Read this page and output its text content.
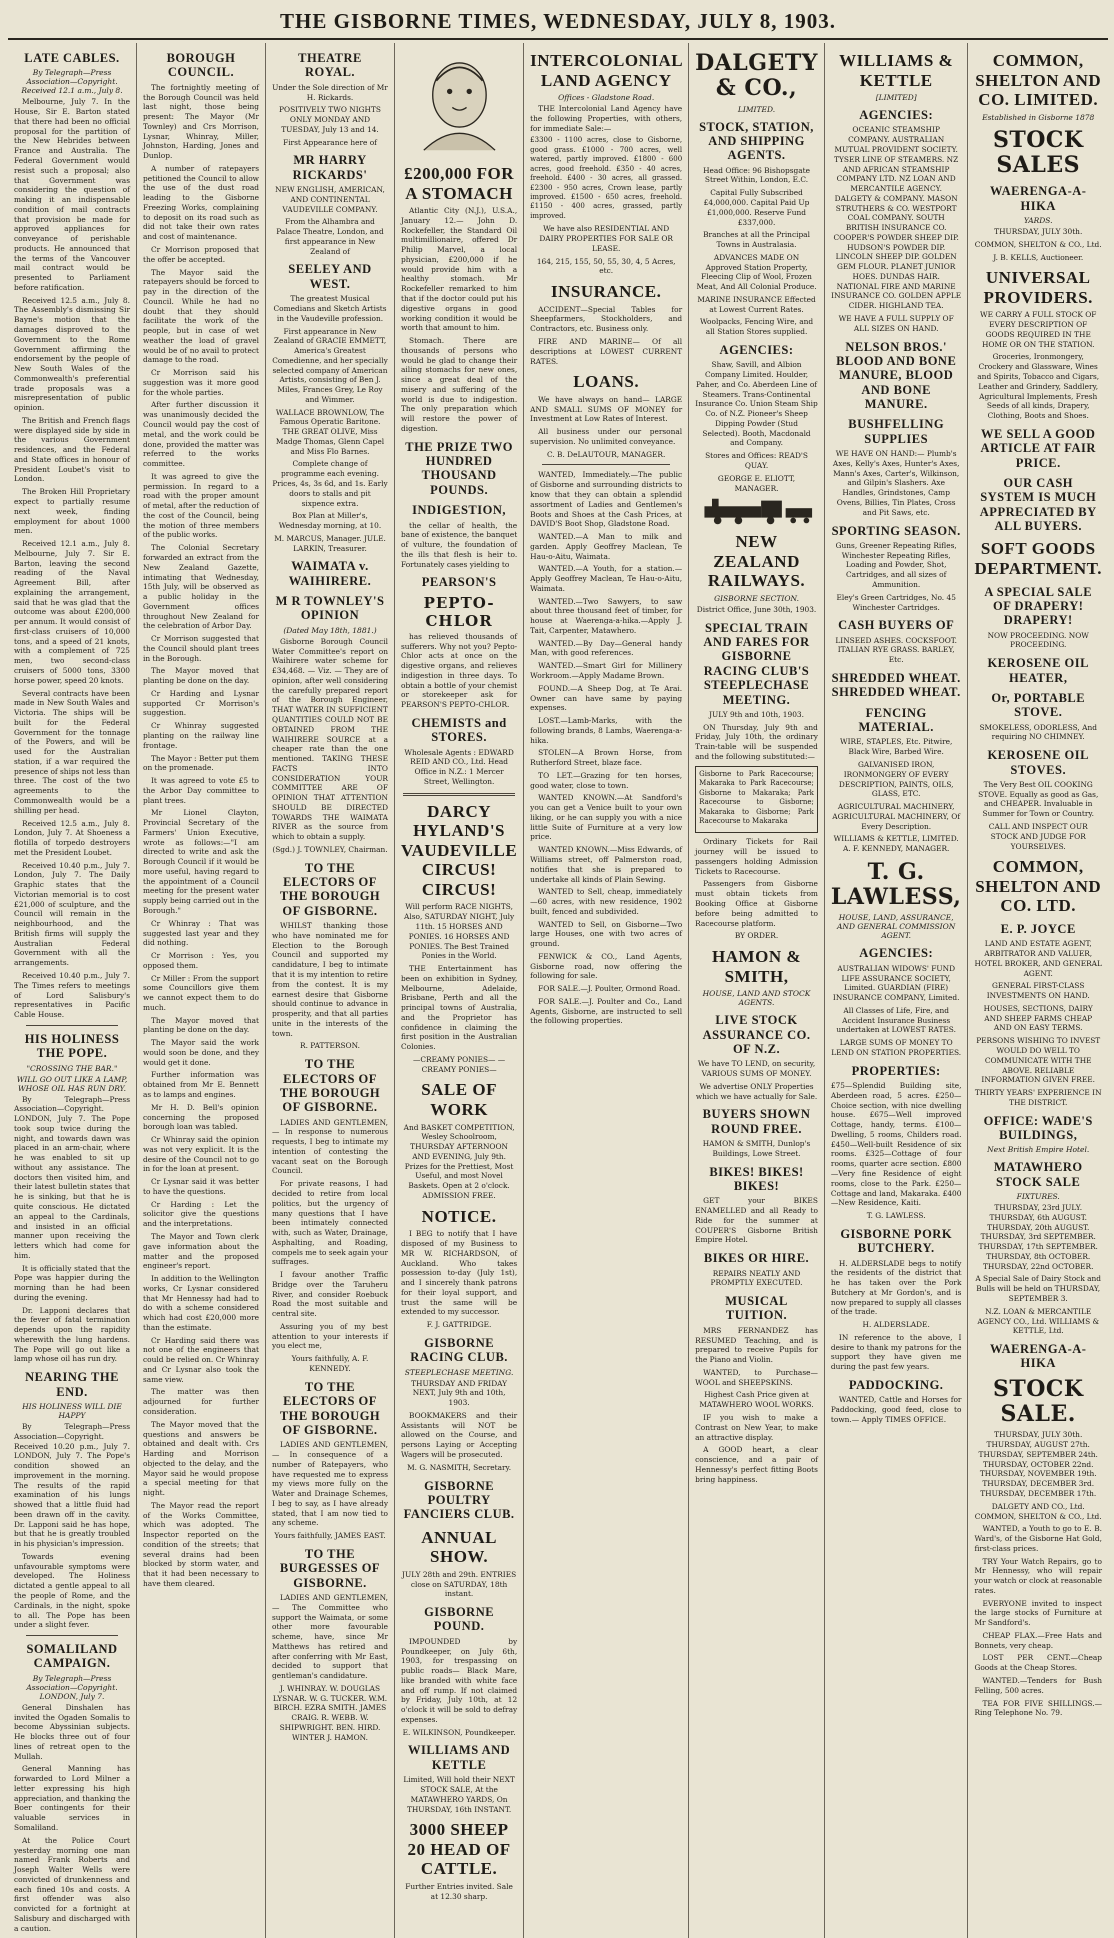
THE GISBORNE TIMES, WEDNESDAY, JULY 8, 1903.
LATE CABLES.
By Telegraph—Press Association—Copyright. Received 12.1 a.m., July 8.

Melbourne, July 7. In the House, Sir E. Barton stated that there had been no official proposal for the partition of the New Hebrides between France and Australia. The Federal Government would resist such a proposal; also that Government was considering the question of making it an indispensable condition of mail contracts that provision be made for approved appliances for conveyance of perishable products. He announced that the terms of the Vancouver mail contract would be presented to Parliament before ratification.

Received 12.5 a.m., July 8. The Assembly's dismissing Sir Bayne's motion that the damages disproved to the Government to the Rome Government affirming the endorsement by the people of New South Wales of the Commonwealth's preferential trade proposals was a misrepresentation of public opinion.

The British and French flags were displayed side by side in the various Government residences, and the Federal and State offices in honour of President Loubet's visit to London.

The Broken Hill Proprietary expect to partially resume next week, finding employment for about 1000 men.

Received 12.1 a.m., July 8. Melbourne, July 7. Sir E. Barton, leaving the second reading of the Naval Agreement Bill, after explaining the arrangement, said that he was glad that the outcome was about £200,000 per annum. It would consist of first-class cruisers of 10,000 tons, and a speed of 21 knots, with a complement of 725 men, two second-class cruisers of 5000 tons, 3300 horse power, speed 20 knots.

Several contracts have been made in New South Wales and Victoria. The ships will be built for the Federal Government for the tonnage of the Powers, and will be used for the Australian station, if a war required the presence of ships not less than three. The cost of the two agreements to the Commonwealth would be a shilling per head.

Received 12.5 a.m., July 8. London, July 7. At Shoeness a flotilla of torpedo destroyers met the President Loubet.

Received 10.40 p.m., July 7. London, July 7. The Daily Graphic states that the Victorian memorial is to cost £21,000 of sculpture, and the Council will remain in the neighbourhood, and the British firms will supply the Australian Federal Government with all the arrangements.

Received 10.40 p.m., July 7. The Times refers to meetings of Lord Salisbury's representatives in Pacific Cable House.

HIS HOLINESS THE POPE.
"CROSSING THE BAR."
WILL GO OUT LIKE A LAMP, WHOSE OIL HAS RUN DRY.

By Telegraph—Press Association—Copyright. LONDON, July 7. The Pope took soup twice during the night, and towards dawn was placed in an arm-chair, where he was enabled to sit up without any assistance. The doctors then visited him, and their latest bulletin states that he is sinking, but that he is quite conscious. He dictated an appeal to the Cardinals, and insisted in an official manner upon receiving the letters which had come for him.

It is officially stated that the Pope was happier during the morning than he had been during the evening.

Dr. Lapponi declares that the fever of fatal termination depends upon the rapidity wherewith the lung hardens. The Pope will go out like a lamp whose oil has run dry.

NEARING THE END.
HIS HOLINESS WILL DIE HAPPY

By Telegraph—Press Association—Copyright. Received 10.20 p.m., July 7. LONDON, July 7. The Pope's condition showed an improvement in the morning. The results of the rapid examination of his lungs showed that a little fluid had been drawn off in the cavity. Dr. Lapponi said he has hope, but that he is greatly troubled in his physician's impression.

Towards evening unfavourable symptoms were developed. The Holiness dictated a gentle appeal to all the people of Rome, and the Cardinals, in the night, spoke to all. The Pope has been under a slight fever.

SOMALILAND CAMPAIGN.
By Telegraph—Press Association—Copyright. LONDON, July 7.

General Dinshalen has invited the Ogaden Somalis to become Abyssinian subjects. He blocks three out of four lines of retreat open to the Mullah.

General Manning has forwarded to Lord Milner a letter expressing his high appreciation, and thanking the Boer contingents for their valuable services in Somaliland.

At the Police Court yesterday morning one man named Frank Roberts and Joseph Walter Wells were convicted of drunkenness and each fined 10s and costs. A first offender was also convicted for a fortnight at Salisbury and discharged with a caution.

BOROUGH COUNCIL.

The fortnightly meeting of the Borough Council was held last night, those being present: The Mayor (Mr Townley) and Crs Morrison, Lysnar, Whinray, Miller, Johnston, Harding, Jones and Dunlop.

A number of ratepayers petitioned the Council to allow the use of the dust road leading to the Gisborne Freezing Works, complaining to deposit on its road such as did not take their own rates and cost of maintenance.

Cr Morrison proposed that the offer be accepted.

The Mayor said the ratepayers should be forced to pay in the direction of the Council. While he had no doubt that they should facilitate the work of the people, but in case of wet weather the load of gravel would be of no avail to protect damage to the road.

Cr Morrison said his suggestion was it more good for the whole parties.

After further discussion it was unanimously decided the Council would pay the cost of metal, and the work could be done, provided the matter was referred to the works committee.

It was agreed to give the permission. In regard to a road with the proper amount of metal, after the reduction of the cost of the Council, being the motion of three members of the public works.

The Colonial Secretary forwarded an extract from the New Zealand Gazette, intimating that Wednesday, 15th July, will be observed as a public holiday in the Government offices throughout New Zealand for the celebration of Arbor Day.

Cr Morrison suggested that the Council should plant trees in the Borough.

The Mayor moved that planting be done on the day.

Cr Harding and Lysnar supported Cr Morrison's suggestion.

Cr Whinray suggested planting on the railway line frontage.

The Mayor : Better put them on the promenade.

It was agreed to vote £5 to the Arbor Day committee to plant trees.

Mr Lionel Clayton, Provincial Secretary of the Farmers' Union Executive, wrote as follows:—"I am directed to write and ask the Borough Council if it would be more useful, having regard to the appointment of a Council meeting for the present water supply being carried out in the Borough."

Cr Whinray : That was suggested last year and they did nothing.

Cr Morrison : Yes, you opposed them.

Cr Miller : From the support some Councillors give them we cannot expect them to do much.

The Mayor moved that planting be done on the day.

The Mayor said the work would soon be done, and they would get it done.

Further information was obtained from Mr E. Bennett as to lamps and engines.

Mr H. D. Bell's opinion concerning the proposed borough loan was tabled.

Cr Whinray said the opinion was not very explicit. It is the desire of the Council not to go in for the loan at present.

Cr Lysnar said it was better to have the questions.

Cr Harding : Let the solicitor give the questions and the interpretations.

The Mayor and Town clerk gave information about the matter and the proposed engineer's report.

In addition to the Wellington works, Cr Lysnar considered that Mr Hennessy had had to do with a scheme considered which had cost £20,000 more than the estimate.

Cr Harding said there was not one of the engineers that could be relied on. Cr Whinray and Cr Lysnar also took the same view.

The matter was then adjourned for further consideration.

The Mayor moved that the questions and answers be obtained and dealt with. Crs Harding and Morrison objected to the delay, and the Mayor said he would propose a special meeting for that night.

The Mayor read the report of the Works Committee, which was adopted. The Inspector reported on the condition of the streets; that several drains had been blocked by storm water, and that it had been necessary to have them cleared.

THEATRE ROYAL.

Under the Sole direction of Mr H. Rickards.

POSITIVELY TWO NIGHTS ONLY MONDAY AND TUESDAY, July 13 and 14.

First Appearance here of

MR HARRY RICKARDS'

NEW ENGLISH, AMERICAN, AND CONTINENTAL VAUDEVILLE COMPANY.

From the Alhambra and Palace Theatre, London, and first appearance in New Zealand of

SEELEY AND WEST.

The greatest Musical Comedians and Sketch Artists in the Vaudeville profession.

First appearance in New Zealand of GRACIE EMMETT, America's Greatest Comedienne, and her specially selected company of American Artists, consisting of Ben J. Miles, Frances Grey, Le Roy and Wimmer.

WALLACE BROWNLOW, The Famous Operatic Baritone. THE GREAT OLIVE, Miss Madge Thomas, Glenn Capel and Miss Flo Barnes.

Complete change of programme each evening. Prices, 4s, 3s 6d, and 1s. Early doors to stalls and pit sixpence extra.

Box Plan at Miller's, Wednesday morning, at 10.

M. MARCUS, Manager. JULE. LARKIN, Treasurer.

WAIMATA v. WAIHIRERE.
M R TOWNLEY'S OPINION
(Dated May 18th, 1881.)

Gisborne Borough Council Water Committee's report on Waihirere water scheme for £34,468. — Viz. — They are of opinion, after well considering the carefully prepared report of the Borough Engineer, THAT WATER IN SUFFICIENT QUANTITIES COULD NOT BE OBTAINED FROM THE WAIHIRERE SOURCE at a cheaper rate than the one mentioned. TAKING THESE FACTS INTO CONSIDERATION YOUR COMMITTEE ARE OF OPINION THAT ATTENTION SHOULD BE DIRECTED TOWARDS THE WAIMATA RIVER as the source from which to obtain a supply.

(Sgd.) J. TOWNLEY, Chairman.

TO THE ELECTORS OF THE BOROUGH OF GISBORNE.

WHILST thanking those who have nominated me for Election to the Borough Council and supported my candidature, I beg to intimate that it is my intention to retire from the contest. It is my earnest desire that Gisborne should continue to advance in prosperity, and that all parties unite in the interests of the town.

R. PATTERSON.

TO THE ELECTORS OF THE BOROUGH OF GISBORNE.

LADIES AND GENTLEMEN,— In response to numerous requests, I beg to intimate my intention of contesting the vacant seat on the Borough Council.

For private reasons, I had decided to retire from local politics, but the urgency of many questions that I have been intimately connected with, such as Water, Drainage, Asphalting, and Roading, compels me to seek again your suffrages.

I favour another Traffic Bridge over the Taruheru River, and consider Roebuck Road the most suitable and central site.

Assuring you of my best attention to your interests if you elect me,

Yours faithfully, A. F. KENNEDY.

TO THE ELECTORS OF THE BOROUGH OF GISBORNE.

LADIES AND GENTLEMEN,— In consequence of a number of Ratepayers, who have requested me to express my views more fully on the Water and Drainage Schemes, I beg to say, as I have already stated, that I am now tied to any scheme.

Yours faithfully, JAMES EAST.

TO THE BURGESSES OF GISBORNE.

LADIES AND GENTLEMEN,— The Committee who support the Waimata, or some other more favourable scheme, have, since Mr Matthews has retired and after conferring with Mr East, decided to support that gentleman's candidature.

J. WHINRAY. W. DOUGLAS LYSNAR. W. G. TUCKER. W.M. BIRCH. EZRA SMITH. JAMES CRAIG. R. WEBB. W. SHIPWRIGHT. BEN. HIRD. WINTER J. HAMON.

£200,000 FOR A STOMACH

Atlantic City (N.J.), U.S.A., January 12.— John D. Rockefeller, the Standard Oil multimillionaire, offered Dr Philip Marvel, a local physician, £200,000 if he would provide him with a healthy stomach. Mr Rockefeller remarked to him that if the doctor could put his digestive organs in good working condition it would be worth that amount to him.

Stomach. There are thousands of persons who would be glad to change their ailing stomachs for new ones, since a great deal of the misery and suffering of the world is due to indigestion. The only preparation which will restore the power of digestion.

THE PRIZE TWO HUNDRED THOUSAND POUNDS.
INDIGESTION,

the cellar of health, the bane of existence, the banquet of vulture, the foundation of the ills that flesh is heir to. Fortunately cases yielding to

PEARSON'S
PEPTO-CHLOR

has relieved thousands of sufferers. Why not you? Pepto-Chlor acts at once on the digestive organs, and relieves indigestion in three days. To obtain a bottle of your chemist or storekeeper ask for PEARSON'S PEPTO-CHLOR.

CHEMISTS and STORES.

Wholesale Agents : EDWARD REID AND CO., Ltd. Head Office in N.Z.: 1 Mercer Street, Wellington.

DARCY HYLAND'S VAUDEVILLE CIRCUS! CIRCUS!

Will perform RACE NIGHTS, Also, SATURDAY NIGHT, July 11th. 15 HORSES AND PONIES. 16 HORSES AND PONIES. The Best Trained Ponies in the World.

THE Entertainment has been on exhibition in Sydney, Melbourne, Adelaide, Brisbane, Perth and all the principal towns of Australia, and the Proprietor has confidence in claiming the first position in the Australian Colonies.

—CREAMY PONIES— —CREAMY PONIES—

SALE OF WORK

And BASKET COMPETITION, Wesley Schoolroom, THURSDAY AFTERNOON AND EVENING, July 9th. Prizes for the Prettiest, Most Useful, and most Novel Baskets. Open at 2 o'clock. ADMISSION FREE.

NOTICE.

I BEG to notify that I have disposed of my Business to MR W. RICHARDSON, of Auckland. Who takes possession to-day (July 1st), and I sincerely thank patrons for their loyal support, and trust the same will be extended to my successor.

F. J. GATTRIDGE.

GISBORNE RACING CLUB.
STEEPLECHASE MEETING.

THURSDAY AND FRIDAY NEXT, July 9th and 10th, 1903.

BOOKMAKERS and their Assistants will NOT be allowed on the Course, and persons Laying or Accepting Wagers will be prosecuted.

M. G. NASMITH, Secretary.

GISBORNE POULTRY FANCIERS CLUB.
ANNUAL SHOW.

JULY 28th and 29th. ENTRIES close on SATURDAY, 18th instant.

GISBORNE POUND.

IMPOUNDED by Poundkeeper, on July 6th, 1903, for trespassing on public roads— Black Mare, like branded with white face and off rump. If not claimed by Friday, July 10th, at 12 o'clock it will be sold to defray expenses.

E. WILKINSON, Poundkeeper.

WILLIAMS AND KETTLE

Limited, Will hold their NEXT STOCK SALE, At the MATAWHERO YARDS, On THURSDAY, 16th INSTANT.

3000 SHEEP 20 HEAD OF CATTLE.

Further Entries invited. Sale at 12.30 sharp.

INTERCOLONIAL LAND AGENCY
Offices - Gladstone Road.

THE Intercolonial Land Agency have the following Properties, with others, for immediate Sale:—

£3300 - 1100 acres, close to Gisborne, good grass. £1000 - 700 acres, well watered, partly improved. £1800 - 600 acres, good freehold. £350 - 40 acres, freehold. £400 - 30 acres, all grassed. £2300 - 950 acres, Crown lease, partly improved. £1500 - 650 acres, freehold. £1150 - 400 acres, grassed, partly improved.

We have also RESIDENTIAL AND DAIRY PROPERTIES FOR SALE OR LEASE.

164, 215, 155, 50, 55, 30, 4, 5 Acres, etc.

INSURANCE.

ACCIDENT—Special Tables for Sheepfarmers, Stockholders, and Contractors, etc. Business only.

FIRE AND MARINE— Of all descriptions at LOWEST CURRENT RATES.

LOANS.

We have always on hand— LARGE AND SMALL SUMS OF MONEY for Investment at Low Rates of Interest.

All business under our personal supervision. No unlimited conveyance.

C. B. DeLAUTOUR, MANAGER.

WANTED, Immediately.—The public of Gisborne and surrounding districts to know that they can obtain a splendid assortment of Ladies and Gentlemen's Boots and Shoes at the Cash Prices, at DAVID'S Boot Shop, Gladstone Road.

WANTED.—A Man to milk and garden. Apply Geoffrey Maclean, Te Hau-o-Aitu, Waimata.

WANTED.—A Youth, for a station.— Apply Geoffrey Maclean, Te Hau-o-Aitu, Waimata.

WANTED.—Two Sawyers, to saw about three thousand feet of timber, for house at Waerenga-a-hika.—Apply J. Tait, Carpenter, Matawhero.

WANTED.—By Day—General handy Man, with good references.

WANTED.—Smart Girl for Millinery Workroom.—Apply Madame Brown.

FOUND.—A Sheep Dog, at Te Arai. Owner can have same by paying expenses.

LOST.—Lamb-Marks, with the following brands, 8 Lambs, Waerenga-a-hika.

STOLEN—A Brown Horse, from Rutherford Street, blaze face.

TO LET.—Grazing for ten horses, good water, close to town.

WANTED KNOWN.—At Sandford's you can get a Venice built to your own liking, or he can supply you with a nice little Suite of Furniture at a very low price.

WANTED KNOWN.—Miss Edwards, of Williams street, off Palmerston road, notifies that she is prepared to undertake all kinds of Plain Sewing.

WANTED to Sell, cheap, immediately—60 acres, with new residence, 1902 built, fenced and subdivided.

WANTED to Sell, on Gisborne—Two large Houses, one with two acres of ground.

FENWICK & CO., Land Agents, Gisborne road, now offering the following for sale.

FOR SALE.—J. Poulter, Ormond Road.

FOR SALE.—J. Poulter and Co., Land Agents, Gisborne, are instructed to sell the following properties.

DALGETY & CO.,
LIMITED.
STOCK, STATION, AND SHIPPING AGENTS.

Head Office: 96 Bishopsgate Street Within, London, E.C.

Capital Fully Subscribed £4,000,000. Capital Paid Up £1,000,000. Reserve Fund £337,000.

Branches at all the Principal Towns in Australasia.

ADVANCES MADE ON Approved Station Property, Fleecing Clip of Wool, Frozen Meat, And All Colonial Produce.

MARINE INSURANCE Effected at Lowest Current Rates.

Woolpacks, Fencing Wire, and all Station Stores supplied.

AGENCIES:

Shaw, Savill, and Albion Company Limited. Houlder, Paher, and Co. Aberdeen Line of Steamers. Trans-Continental Insurance Co. Union Steam Ship Co. of N.Z. Pioneer's Sheep Dipping Powder (Stud Selected). Booth, Macdonald and Company.

Stores and Offices: READ'S QUAY.

GEORGE E. ELIOTT, MANAGER.

NEW ZEALAND RAILWAYS.
GISBORNE SECTION.

District Office, June 30th, 1903.

SPECIAL TRAIN AND FARES FOR GISBORNE RACING CLUB'S STEEPLECHASE MEETING.

JULY 9th and 10th, 1903.

ON Thursday, July 9th and Friday, July 10th, the ordinary Train-table will be suspended and the following substituted:—

Gisborne to Park Racecourse; Makaraka to Park Racecourse; Gisborne to Makaraka; Park Racecourse to Gisborne; Makaraka to Gisborne; Park Racecourse to Makaraka

Ordinary Tickets for Rail journey will be issued to passengers holding Admission Tickets to Racecourse.

Passengers from Gisborne must obtain tickets from Booking Office at Gisborne before being admitted to Racecourse platform.

BY ORDER.

HAMON & SMITH,
HOUSE, LAND AND STOCK AGENTS.
LIVE STOCK ASSURANCE CO. OF N.Z.

We have TO LEND, on security, VARIOUS SUMS OF MONEY.

We advertise ONLY Properties which we have actually for Sale.

BUYERS SHOWN ROUND FREE.

HAMON & SMITH, Dunlop's Buildings, Lowe Street.

BIKES! BIKES! BIKES!

GET your BIKES ENAMELLED and all Ready to Ride for the summer at COUPER'S Gisborne British Empire Hotel.

BIKES OR HIRE.

REPAIRS NEATLY AND PROMPTLY EXECUTED.

MUSICAL TUITION.

MRS FERNANDEZ has RESUMED Teaching, and is prepared to receive Pupils for the Piano and Violin.

WANTED, to Purchase—WOOL and SHEEPSKINS.

Highest Cash Price given at MATAWHERO WOOL WORKS.

IF you wish to make a Contrast on New Year, to make an attractive display.

A GOOD heart, a clear conscience, and a pair of Hennessy's perfect fitting Boots bring happiness.

WILLIAMS & KETTLE
[LIMITED]
AGENCIES:

OCEANIC STEAMSHIP COMPANY. AUSTRALIAN MUTUAL PROVIDENT SOCIETY. TYSER LINE OF STEAMERS. NZ AND AFRICAN STEAMSHIP COMPANY LTD. NZ LOAN AND MERCANTILE AGENCY. DALGETY & COMPANY. MASON STRUTHERS & CO. WESTPORT COAL COMPANY. SOUTH BRITISH INSURANCE CO. COOPER'S POWDER SHEEP DIP. HUDSON'S POWDER DIP. LINCOLN SHEEP DIP. GOLDEN GEM FLOUR. PLANET JUNIOR HOES. DUNDAS HAIR. NATIONAL FIRE AND MARINE INSURANCE CO. GOLDEN APPLE CIDER. HIGHLAND TEA.

WE HAVE A FULL SUPPLY OF ALL SIZES ON HAND.

NELSON BROS.' BLOOD AND BONE MANURE, BLOOD AND BONE MANURE.
BUSHFELLING SUPPLIES

WE HAVE ON HAND:— Plumb's Axes, Kelly's Axes, Hunter's Axes, Mann's Axes, Carter's, Wilkinson, and Gilpin's Slashers. Axe Handles, Grindstones, Camp Ovens, Billies, Tin Plates, Cross and Pit Saws, etc.

SPORTING SEASON.

Guns, Greener Repeating Rifles, Winchester Repeating Rifles, Loading and Powder, Shot, Cartridges, and all sizes of Ammunition.

Eley's Green Cartridges, No. 45 Winchester Cartridges.

CASH BUYERS OF

LINSEED ASHES. COCKSFOOT. ITALIAN RYE GRASS. BARLEY, Etc.

SHREDDED WHEAT. SHREDDED WHEAT.
FENCING MATERIAL.

WIRE, STAPLES, Etc. Pitwire, Black Wire, Barbed Wire.

GALVANISED IRON, IRONMONGERY OF EVERY DESCRIPTION, PAINTS, OILS, GLASS, ETC.

AGRICULTURAL MACHINERY, AGRICULTURAL MACHINERY, Of Every Description.

WILLIAMS & KETTLE, LIMITED. A. F. KENNEDY, MANAGER.

T. G. LAWLESS,
HOUSE, LAND, ASSURANCE, AND GENERAL COMMISSION AGENT.
AGENCIES:

AUSTRALIAN WIDOWS' FUND LIFE ASSURANCE SOCIETY, Limited. GUARDIAN (FIRE) INSURANCE COMPANY, Limited.

All Classes of Life, Fire, and Accident Insurance Business undertaken at LOWEST RATES.

LARGE SUMS OF MONEY TO LEND ON STATION PROPERTIES.

PROPERTIES:

£75—Splendid Building site, Aberdeen road, 5 acres. £250—Choice section, with nice dwelling house. £675—Well improved Cottage, handy, terms. £100—Dwelling, 5 rooms, Childers road. £450—Well-built Residence of six rooms. £325—Cottage of four rooms, quarter acre section. £800—Very fine Residence of eight rooms, close to the Park. £250—Cottage and land, Makaraka. £400—New Residence, Kaiti.

T. G. LAWLESS.

GISBORNE PORK BUTCHERY.

H. ALDERSLADE begs to notify the residents of the district that he has taken over the Pork Butchery at Mr Gordon's, and is now prepared to supply all classes of the trade.

H. ALDERSLADE.

IN reference to the above, I desire to thank my patrons for the support they have given me during the past few years.

PADDOCKING.

WANTED, Cattle and Horses for Paddocking, good feed, close to town.— Apply TIMES OFFICE.

COMMON, SHELTON AND CO. LIMITED.
Established in Gisborne 1878
STOCK SALES
WAERENGA-A-HIKA
YARDS.

THURSDAY, JULY 30th.

COMMON, SHELTON & CO., Ltd.

J. B. KELLS, Auctioneer.

UNIVERSAL PROVIDERS.

WE CARRY A FULL STOCK OF EVERY DESCRIPTION OF GOODS REQUIRED IN THE HOME OR ON THE STATION.

Groceries, Ironmongery, Crockery and Glassware, Wines and Spirits, Tobacco and Cigars, Leather and Grindery, Saddlery, Agricultural Implements, Fresh Seeds of all kinds, Drapery, Clothing, Boots and Shoes.

WE SELL A GOOD ARTICLE AT FAIR PRICE.
OUR CASH SYSTEM IS MUCH APPRECIATED BY ALL BUYERS.
SOFT GOODS DEPARTMENT.
A SPECIAL SALE OF DRAPERY! DRAPERY!

NOW PROCEEDING. NOW PROCEEDING.

KEROSENE OIL HEATER,
Or, PORTABLE STOVE.

SMOKELESS, ODORLESS, And requiring NO CHIMNEY.

KEROSENE OIL STOVES.

The Very Best OIL COOKING STOVE. Equally as good as Gas, and CHEAPER. Invaluable in Summer for Town or Country.

CALL AND INSPECT OUR STOCK AND JUDGE FOR YOURSELVES.

COMMON, SHELTON AND CO. LTD.
E. P. JOYCE

LAND AND ESTATE AGENT, ARBITRATOR AND VALUER, HOTEL BROKER, AND GENERAL AGENT.

GENERAL FIRST-CLASS INVESTMENTS ON HAND.

HOUSES, SECTIONS, DAIRY AND SHEEP FARMS CHEAP AND ON EASY TERMS.

PERSONS WISHING TO INVEST WOULD DO WELL TO COMMUNICATE WITH THE ABOVE. RELIABLE INFORMATION GIVEN FREE.

THIRTY YEARS' EXPERIENCE IN THE DISTRICT.

OFFICE: WADE'S BUILDINGS,
Next British Empire Hotel.
MATAWHERO STOCK SALE
FIXTURES.

THURSDAY, 23rd JULY. THURSDAY, 6th AUGUST. THURSDAY, 20th AUGUST. THURSDAY, 3rd SEPTEMBER. THURSDAY, 17th SEPTEMBER. THURSDAY, 8th OCTOBER. THURSDAY, 22nd OCTOBER.

A Special Sale of Dairy Stock and Bulls will be held on THURSDAY, SEPTEMBER 3.

N.Z. LOAN & MERCANTILE AGENCY CO., Ltd. WILLIAMS & KETTLE, Ltd.

WAERENGA-A-HIKA
STOCK SALE.

THURSDAY, JULY 30th. THURSDAY, AUGUST 27th. THURSDAY, SEPTEMBER 24th. THURSDAY, OCTOBER 22nd. THURSDAY, NOVEMBER 19th. THURSDAY, DECEMBER 3rd. THURSDAY, DECEMBER 17th.

DALGETY AND CO., Ltd. COMMON, SHELTON & CO., Ltd.

WANTED, a Youth to go to E. B. Ward's, of the Gisborne Hat Gold, first-class prices.

TRY Your Watch Repairs, go to Mr Hennessy, who will repair your watch or clock at reasonable rates.

EVERYONE invited to inspect the large stocks of Furniture at Mr Sandford's.

CHEAP FLAX.—Free Hats and Bonnets, very cheap.

LOST PER CENT.—Cheap Goods at the Cheap Stores.

WANTED.—Tenders for Bush Felling, 500 acres.

TEA FOR FIVE SHILLINGS.—Ring Telephone No. 79.
